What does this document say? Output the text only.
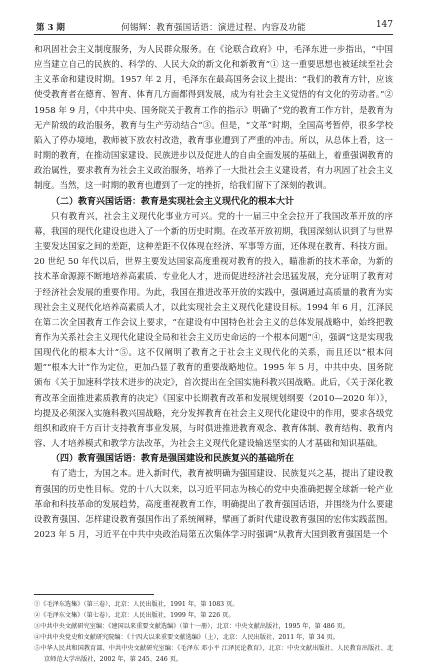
第 3 期	何锡辉：教育强国话语：演进过程、内容及功能	147

和巩固社会主义制度服务，为人民群众服务。在《论联合政府》中，毛泽东进一步指出，“中国应当建立自己的民族的、科学的、人民大众的新文化和新教育”① 这一重要思想也被延续至社会主义革命和建设时期。1957 年 2 月，毛泽东在最高国务会议上提出：“我们的教育方针，应该使受教育者在德育、智育、体育几方面都得到发展，成为有社会主义觉悟的有文化的劳动者。”② 1958 年 9 月，《中共中央、国务院关于教育工作的指示》明确了“党的教育工作方针，是教育为无产阶级的政治服务，教育与生产劳动结合”③。但是，“文革”时期，全国高考暂停，很多学校陷入了停办境地，教师被下放农村改造，教育事业遭到了严重的冲击。所以，从总体上看，这一时期的教育，在推动国家建设、民族进步以及促进人的自由全面发展的基础上，着重强调教育的政治属性，要求教育为社会主义政治服务，培养了一大批社会主义建设者，有力巩固了社会主义制度。当然，这一时期的教育也遭到了一定的挫折，给我们留下了深刻的教训。

（二）教育兴国话语：教育是实现社会主义现代化的根本大计

只有教育兴，社会主义现代化事业方可兴。党的十一届三中全会拉开了我国改革开放的序幕，我国的现代化建设也进入了一个新的历史时期。在改革开放初期，我国深刻认识到了与世界主要发达国家之间的差距，这种差距不仅体现在经济、军事等方面，还体现在教育、科技方面。20 世纪 50 年代以后，世界主要发达国家高度重视对教育的投入，瞄准新的技术革命，为新的技术革命源源不断地培养高素质、专业化人才，进而促进经济社会迅猛发展，充分证明了教育对于经济社会发展的重要作用。为此，我国在推进改革开放的实践中，强调通过高质量的教育为实现社会主义现代化培养高素质人才，以此实现社会主义现代化建设目标。1994 年 6 月，江泽民在第二次全国教育工作会议上要求，“在建设有中国特色社会主义的总体发展战略中，始终把教育作为关系社会主义现代化建设全局和社会主义历史命运的一个根本问题”④，强调“这是实现我国现代化的根本大计”⑤。这不仅阐明了教育之于社会主义现代化的关系，而且还以“根本问题”“根本大计”作为定位，更加凸显了教育的重要战略地位。1995 年 5 月，中共中央、国务院颁布《关于加速科学技术进步的决定》，首次提出在全国实施科教兴国战略。此后，《关于深化教育改革全面推进素质教育的决定》《国家中长期教育改革和发展规划纲要（2010—2020 年）》，均提及必须深入实施科教兴国战略，充分发挥教育在社会主义现代化建设中的作用，要求各级党组织和政府千方百计支持教育事业发展，与时俱进推进教育观念、教育体制、教育结构、教育内容、人才培养模式和教学方法改革，为社会主义现代化建设输送坚实的人才基础和知识基础。

（四）教育强国话语：教育是强国建设和民族复兴的基础所在

有了造士，为国之本。进入新时代，教育被明确为强国建设、民族复兴之基，提出了建设教育强国的历史性目标。党的十八大以来，以习近平同志为核心的党中央准确把握全球新一轮产业革命和科技革命的发展趋势，高度重视教育工作，明确提出了教育强国话语，并围绕为什么要建设教育强国、怎样建设教育强国作出了系统阐释，擘画了新时代建设教育强国的宏伟实践蓝图。2023 年 5 月，习近平在中共中央政治局第五次集体学习时强调“从教育大国到教育强国是一个

①《毛泽东选集》（第三卷），北京：人民出版社，1991 年，第 1083 页。

②《毛泽东文集》（第七卷），北京：人民出版社，1999 年，第 226 页。

③中共中央文献研究室编：《建国以来重要文献选编》（第十一册），北京：中央文献出版社，1995 年，第 486 页。

④中共中央党史和文献研究院编：《十四大以来重要文献选编》（上），北京：人民出版社，2011 年，第 34 页。

⑤中华人民共和国教育部、中共中央文献研究室编：《毛泽东 邓小平 江泽民论教育》，北京：中央文献出版社、人民教育出版社、北京师范大学出版社，2002 年，第 245、246 页。
